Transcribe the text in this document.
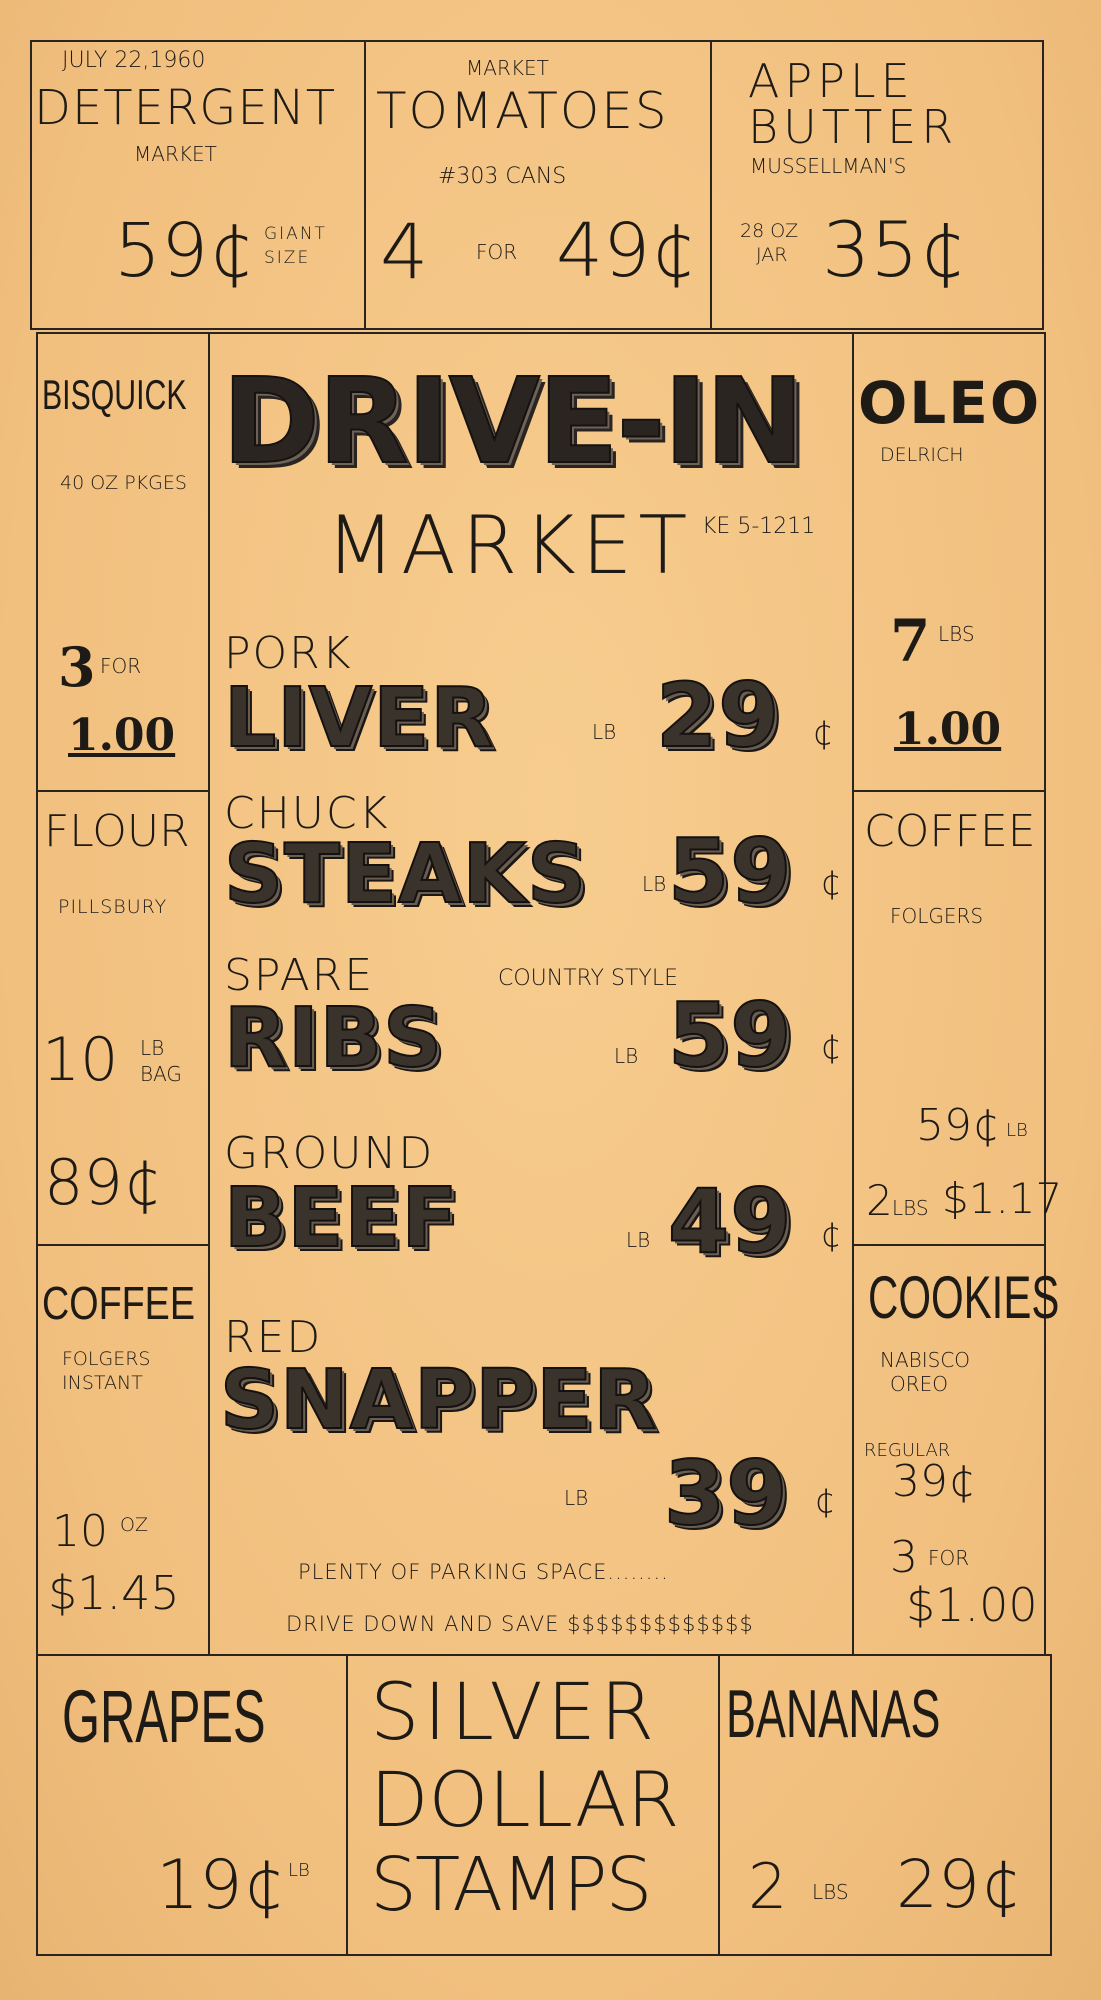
JULY 22,1960
DETERGENT
MARKET
59¢ GIANT
SIZE
MARKET
TOMATOES
#303 CANS
4 FOR 49¢
APPLE
BUTTER
MUSSELLMAN'S
28 OZ
JAR 35¢
BISQUICK
40 OZ PKGES
3 FOR
1.00
FLOUR
PILLSBURY
10 LB
BAG
89¢
COFFEE
FOLGERS
INSTANT
10 OZ
$1.45
OLEO
DELRICH
7 LBS
1.00
COFFEE
FOLGERS
59¢ LB
2 LBS $1.17
COOKIES
NABISCO
OREO
REGULAR
39¢
3 FOR
$1.00
DRIVE-IN
MARKET KE 5-1211
PORK
LIVER	LB 29 ¢
CHUCK
STEAKS	LB 59 ¢
SPARE	COUNTRY STYLE
RIBS	LB 59 ¢
GROUND
BEEF	LB 49 ¢
RED
SNAPPER
LB 39 ¢
PLENTY OF PARKING SPACE........
DRIVE DOWN AND SAVE $$$$$$$$$$$$$
GRAPES
19¢ LB
SILVER
DOLLAR
STAMPS
BANANAS
2 LBS 29¢
